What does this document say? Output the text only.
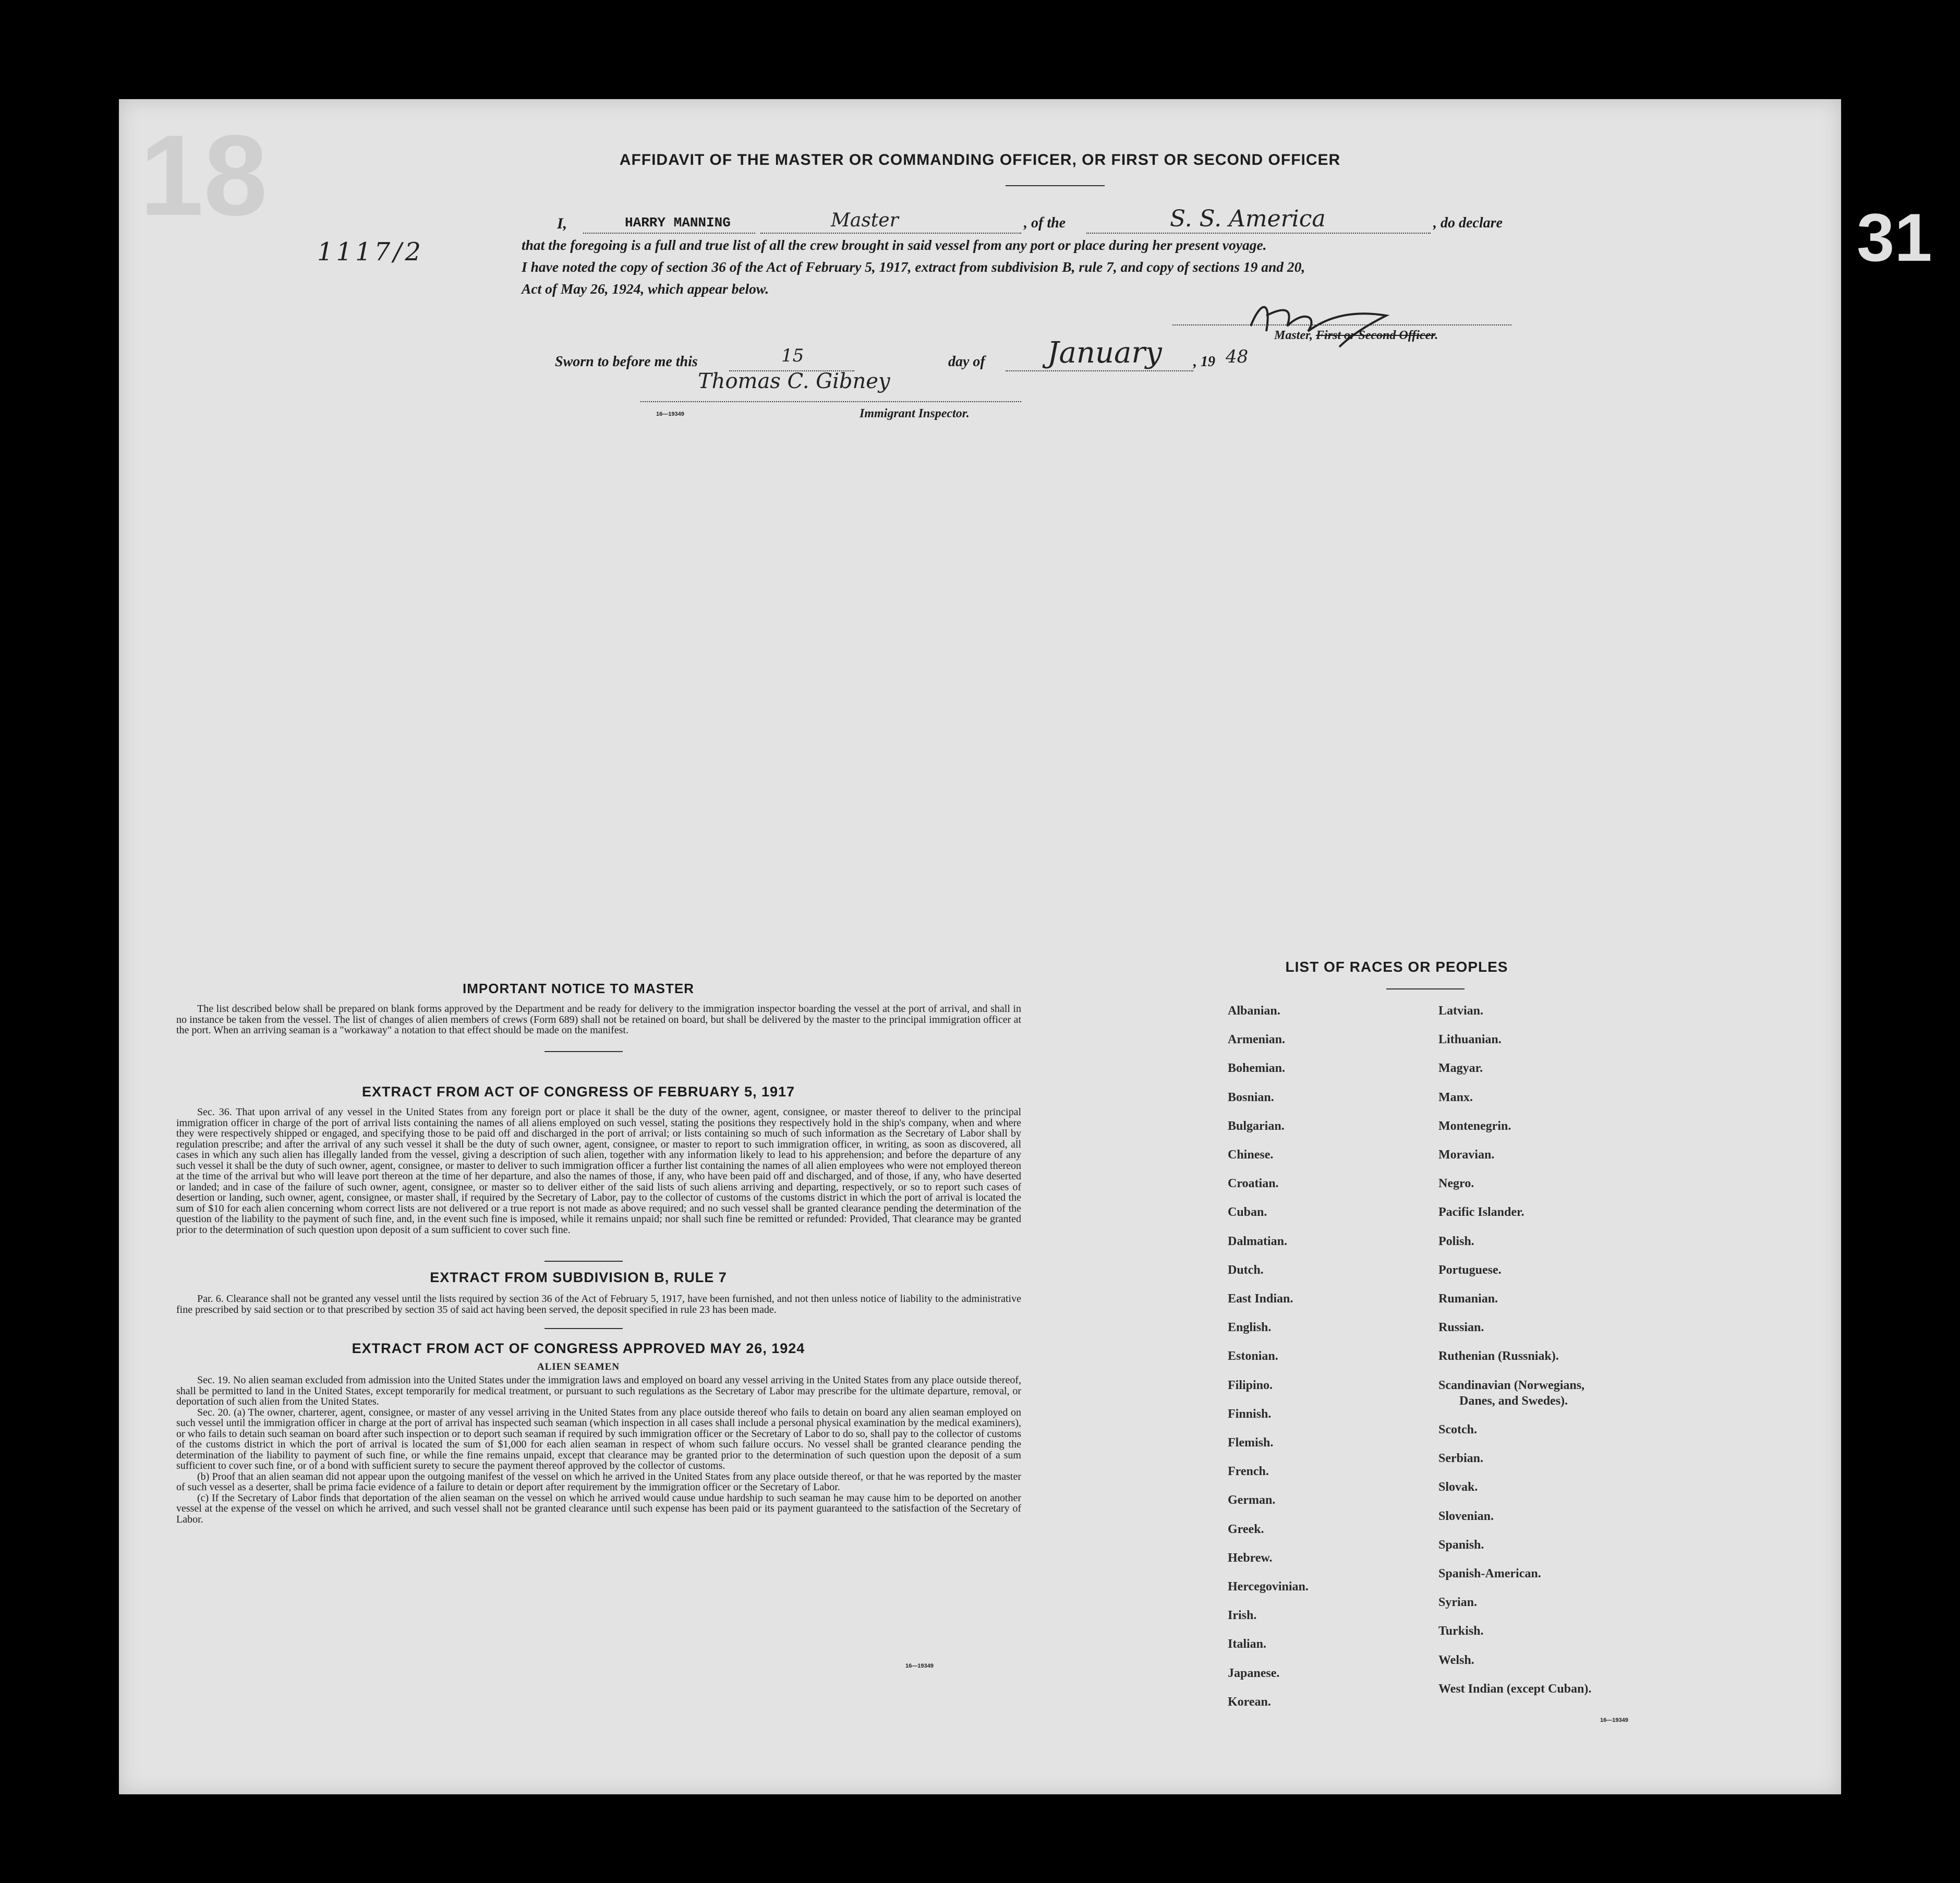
18	AFFIDAVIT OF THE MASTER OR COMMANDING OFFICER, OR FIRST OR SECOND OFFICER
I,	HARRY MANNING	Master	, of the	S. S. America	, do declare
that the foregoing is a full and true list of all the crew brought in said vessel from any port or place during her present voyage.
I have noted the copy of section 36 of the Act of February 5, 1917, extract from subdivision B, rule 7, and copy of sections 19 and 20,
Act of May 26, 1924, which appear below.
Master, First or Second Officer.
Sworn to before me this	15	day of January , 19 48
Thomas C. Gibney
16—19349	Immigrant Inspector.
1117/2
IMPORTANT NOTICE TO MASTER
The list described below shall be prepared on blank forms approved by the Department and be ready for delivery to the immigration inspector boarding the vessel at the port of arrival, and shall in no instance be taken from the vessel. The list of changes of alien members of crews (Form 689) shall not be retained on board, but shall be delivered by the master to the principal immigration officer at the port. When an arriving seaman is a "workaway" a notation to that effect should be made on the manifest.
EXTRACT FROM ACT OF CONGRESS OF FEBRUARY 5, 1917
Sec. 36. That upon arrival of any vessel in the United States from any foreign port or place it shall be the duty of the owner, agent, consignee, or master thereof to deliver to the principal immigration officer in charge of the port of arrival lists containing the names of all aliens employed on such vessel, stating the positions they respectively hold in the ship's company, when and where they were respectively shipped or engaged, and specifying those to be paid off and discharged in the port of arrival; or lists containing so much of such information as the Secretary of Labor shall by regulation prescribe; and after the arrival of any such vessel it shall be the duty of such owner, agent, consignee, or master to report to such immigration officer, in writing, as soon as discovered, all cases in which any such alien has illegally landed from the vessel, giving a description of such alien, together with any information likely to lead to his apprehension; and before the departure of any such vessel it shall be the duty of such owner, agent, consignee, or master to deliver to such immigration officer a further list containing the names of all alien employees who were not employed thereon at the time of the arrival but who will leave port thereon at the time of her departure, and also the names of those, if any, who have been paid off and discharged, and of those, if any, who have deserted or landed; and in case of the failure of such owner, agent, consignee, or master so to deliver either of the said lists of such aliens arriving and departing, respectively, or so to report such cases of desertion or landing, such owner, agent, consignee, or master shall, if required by the Secretary of Labor, pay to the collector of customs of the customs district in which the port of arrival is located the sum of $10 for each alien concerning whom correct lists are not delivered or a true report is not made as above required; and no such vessel shall be granted clearance pending the determination of the question of the liability to the payment of such fine, and, in the event such fine is imposed, while it remains unpaid; nor shall such fine be remitted or refunded: Provided, That clearance may be granted prior to the determination of such question upon deposit of a sum sufficient to cover such fine.
EXTRACT FROM SUBDIVISION B, RULE 7
Par. 6. Clearance shall not be granted any vessel until the lists required by section 36 of the Act of February 5, 1917, have been furnished, and not then unless notice of liability to the administrative fine prescribed by said section or to that prescribed by section 35 of said act having been served, the deposit specified in rule 23 has been made.
EXTRACT FROM ACT OF CONGRESS APPROVED MAY 26, 1924
ALIEN SEAMEN
Sec. 19. No alien seaman excluded from admission into the United States under the immigration laws and employed on board any vessel arriving in the United States from any place outside thereof, shall be permitted to land in the United States, except temporarily for medical treatment, or pursuant to such regulations as the Secretary of Labor may prescribe for the ultimate departure, removal, or deportation of such alien from the United States.
Sec. 20. (a) The owner, charterer, agent, consignee, or master of any vessel arriving in the United States from any place outside thereof who fails to detain on board any alien seaman employed on such vessel until the immigration officer in charge at the port of arrival has inspected such seaman (which inspection in all cases shall include a personal physical examination by the medical examiners), or who fails to detain such seaman on board after such inspection or to deport such seaman if required by such immigration officer or the Secretary of Labor to do so, shall pay to the collector of customs of the customs district in which the port of arrival is located the sum of $1,000 for each alien seaman in respect of whom such failure occurs. No vessel shall be granted clearance pending the determination of the liability to payment of such fine, or while the fine remains unpaid, except that clearance may be granted prior to the determination of such question upon the deposit of a sum sufficient to cover such fine, or of a bond with sufficient surety to secure the payment thereof approved by the collector of customs.
(b) Proof that an alien seaman did not appear upon the outgoing manifest of the vessel on which he arrived in the United States from any place outside thereof, or that he was reported by the master of such vessel as a deserter, shall be prima facie evidence of a failure to detain or deport after requirement by the immigration officer or the Secretary of Labor.
(c) If the Secretary of Labor finds that deportation of the alien seaman on the vessel on which he arrived would cause undue hardship to such seaman he may cause him to be deported on another vessel at the expense of the vessel on which he arrived, and such vessel shall not be granted clearance until such expense has been paid or its payment guaranteed to the satisfaction of the Secretary of Labor.
16—19349
LIST OF RACES OR PEOPLES
Albanian.
Armenian.
Bohemian.
Bosnian.
Bulgarian.
Chinese.
Croatian.
Cuban.
Dalmatian.
Dutch.
East Indian.
English.
Estonian.
Filipino.
Finnish.
Flemish.
French.
German.
Greek.
Hebrew.
Hercegovinian.
Irish.
Italian.
Japanese.
Korean.
Latvian.
Lithuanian.
Magyar.
Manx.
Montenegrin.
Moravian.
Negro.
Pacific Islander.
Polish.
Portuguese.
Rumanian.
Russian.
Ruthenian (Russniak).
Scandinavian (Norwegians,
Danes, and Swedes).
Scotch.
Serbian.
Slovak.
Slovenian.
Spanish.
Spanish-American.
Syrian.
Turkish.
Welsh.
West Indian (except Cuban).
16—19349
31
